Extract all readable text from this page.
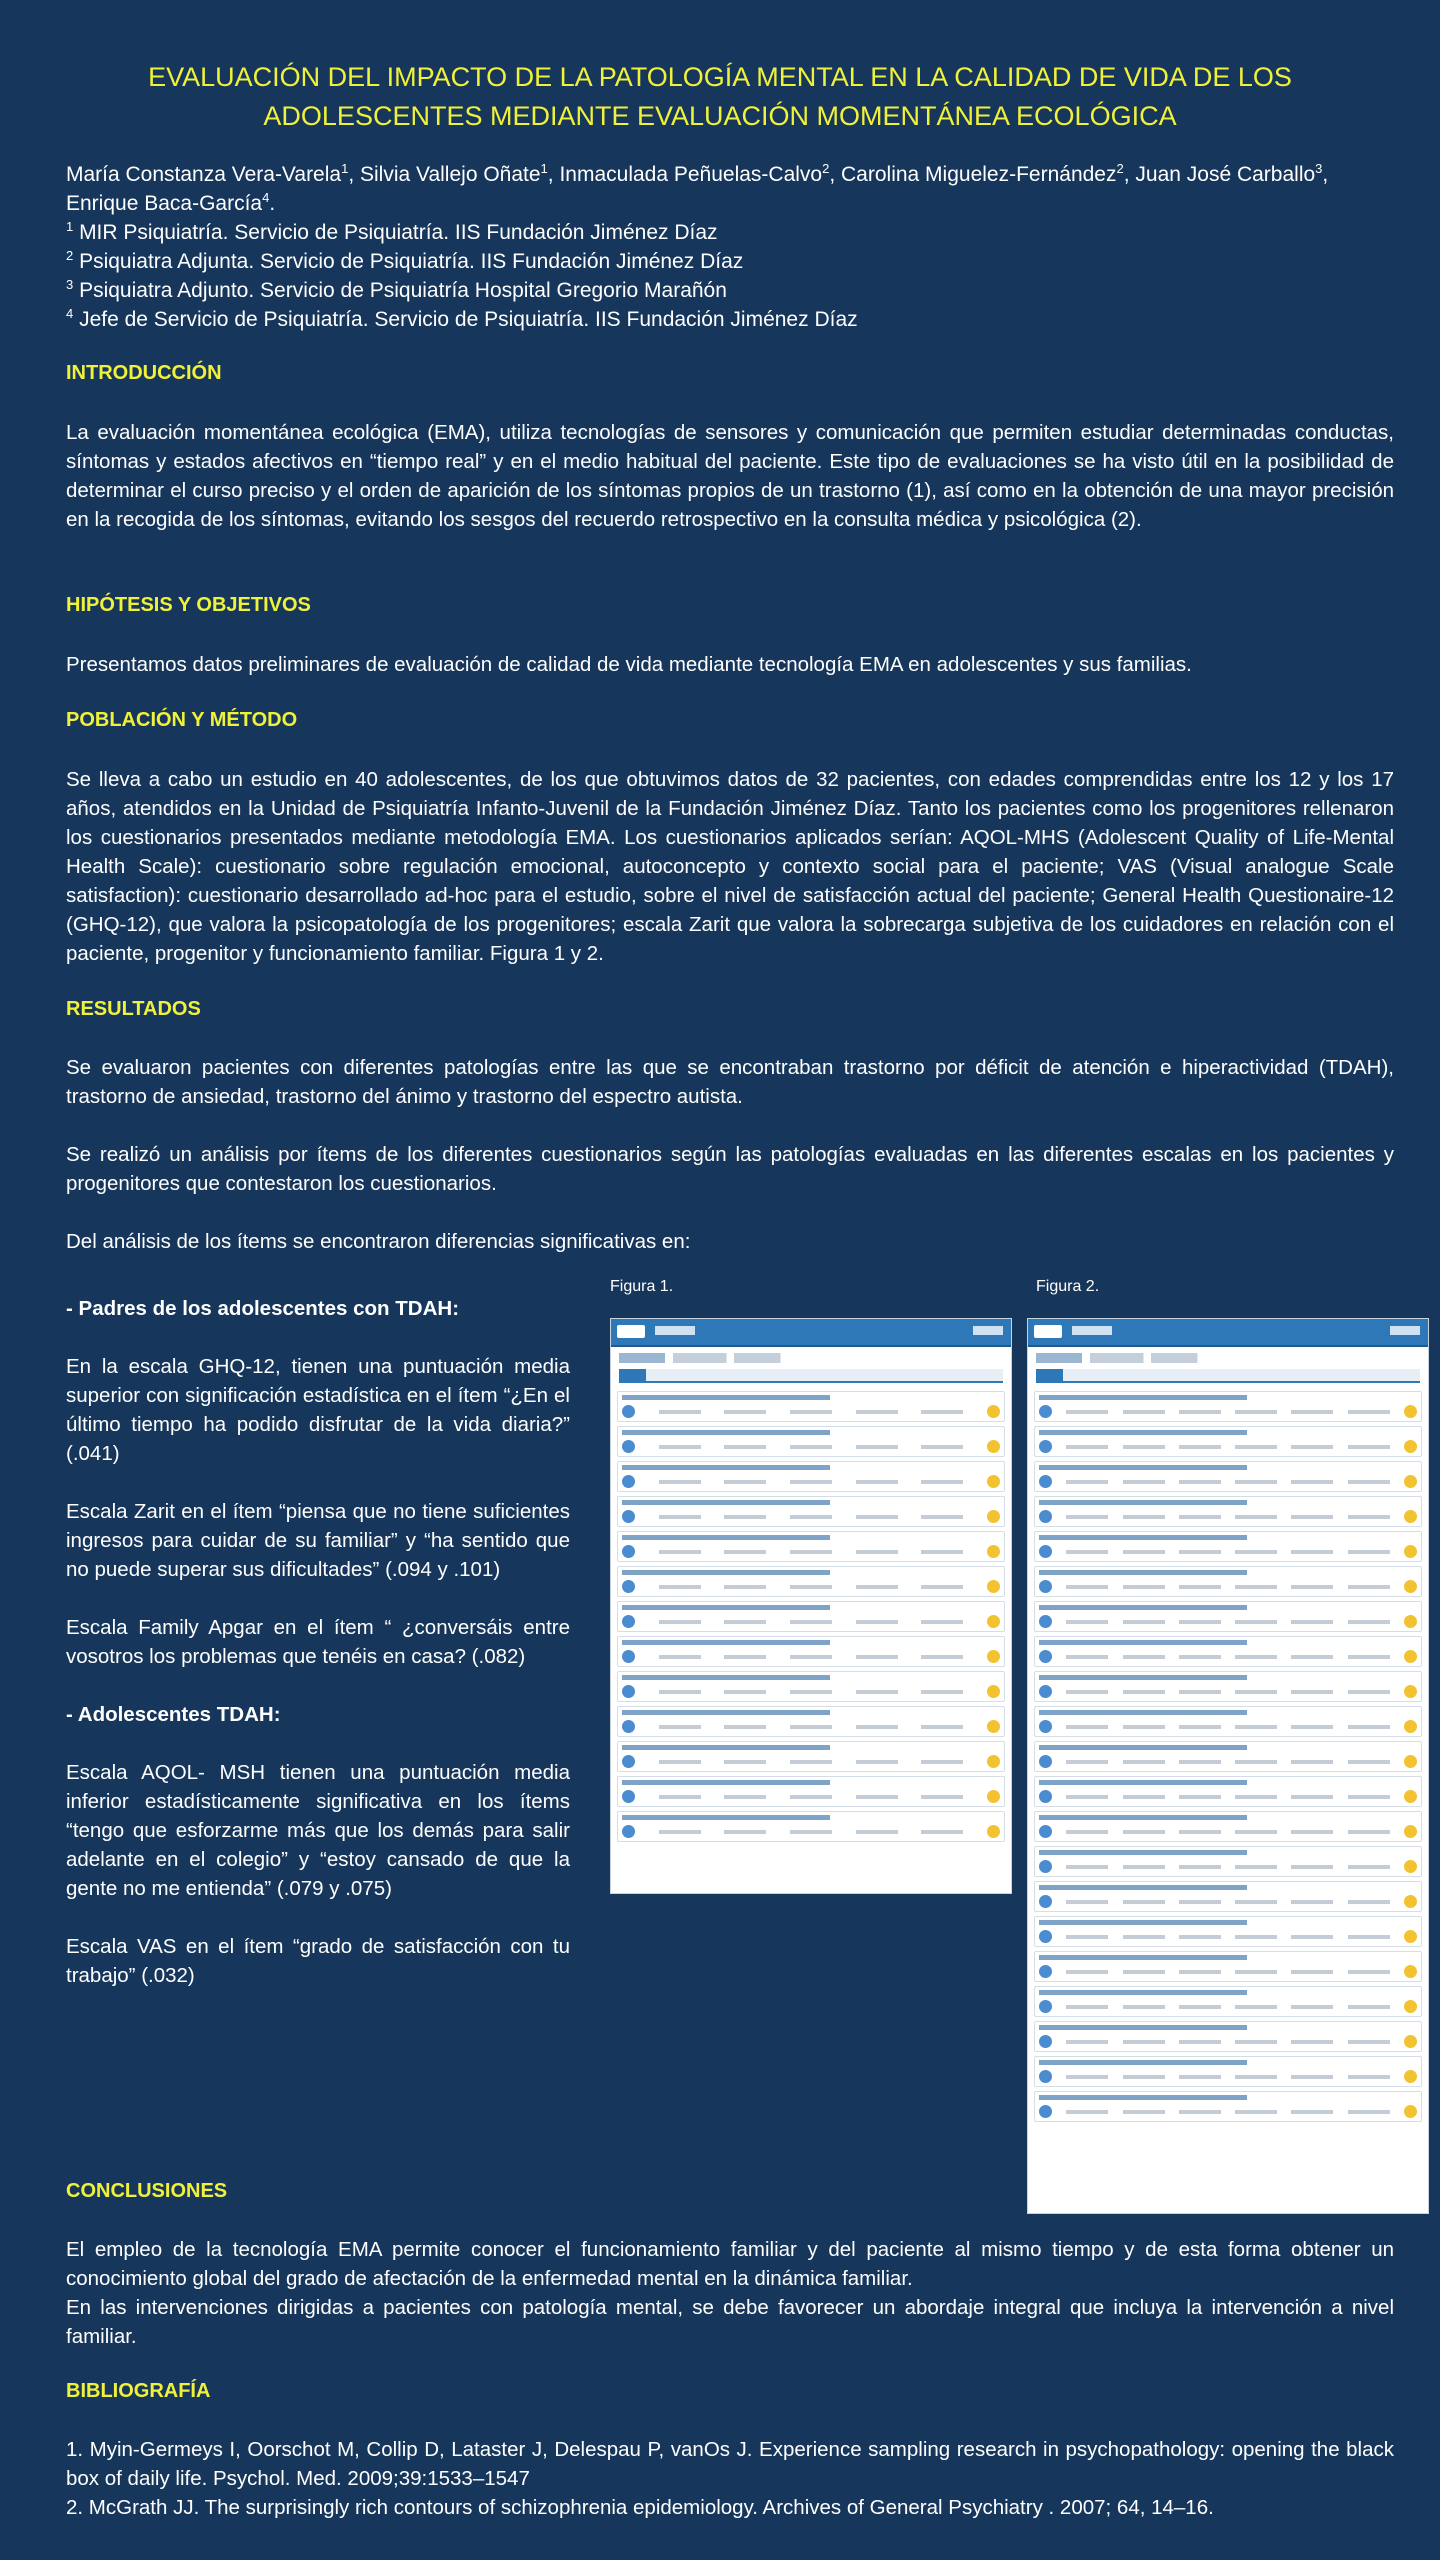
EVALUACIÓN DEL IMPACTO DE LA PATOLOGÍA MENTAL EN LA CALIDAD DE VIDA DE LOS
ADOLESCENTES MEDIANTE EVALUACIÓN MOMENTÁNEA ECOLÓGICA
María Constanza Vera-Varela$^1$, Silvia Vallejo Oñate$^1$, Inmaculada Peñuelas-Calvo$^2$, Carolina Miguelez-Fernández$^2$, Juan José Carballo$^3$,
Enrique Baca-García$^4$.
$^1$ MIR Psiquiatría. Servicio de Psiquiatría. IIS Fundación Jiménez Díaz
$^2$ Psiquiatra Adjunta. Servicio de Psiquiatría. IIS Fundación Jiménez Díaz
$^3$ Psiquiatra Adjunto. Servicio de Psiquiatría Hospital Gregorio Marañón
$^4$ Jefe de Servicio de Psiquiatría. Servicio de Psiquiatría. IIS Fundación Jiménez Díaz
INTRODUCCIÓN
La evaluación momentánea ecológica (EMA), utiliza tecnologías de sensores y comunicación que permiten estudiar determinadas conductas, síntomas y estados afectivos en “tiempo real” y en el medio habitual del paciente. Este tipo de evaluaciones se ha visto útil en la posibilidad de determinar el curso preciso y el orden de aparición de los síntomas propios de un trastorno (1), así como en la obtención de una mayor precisión en la recogida de los síntomas, evitando los sesgos del recuerdo retrospectivo en la consulta médica y psicológica (2).
HIPÓTESIS Y OBJETIVOS
Presentamos datos preliminares de evaluación de calidad de vida mediante tecnología EMA en adolescentes y sus familias.
POBLACIÓN Y MÉTODO
Se lleva a cabo un estudio en 40 adolescentes, de los que obtuvimos datos de 32 pacientes, con edades comprendidas entre los 12 y los 17 años, atendidos en la Unidad de Psiquiatría Infanto-Juvenil de la Fundación Jiménez Díaz. Tanto los pacientes como los progenitores rellenaron los cuestionarios presentados mediante metodología EMA. Los cuestionarios aplicados serían: AQOL-MHS (Adolescent Quality of Life-Mental Health Scale): cuestionario sobre regulación emocional, autoconcepto y contexto social para el paciente; VAS (Visual analogue Scale satisfaction): cuestionario desarrollado ad-hoc para el estudio, sobre el nivel de satisfacción actual del paciente; General Health Questionaire-12 (GHQ-12), que valora la psicopatología de los progenitores; escala Zarit que valora la sobrecarga subjetiva de los cuidadores en relación con el paciente, progenitor y funcionamiento familiar. Figura 1 y 2.
RESULTADOS
Se evaluaron pacientes con diferentes patologías entre las que se encontraban trastorno por déficit de atención e hiperactividad (TDAH), trastorno de ansiedad, trastorno del ánimo y trastorno del espectro autista.
Se realizó un análisis por ítems de los diferentes cuestionarios según las patologías evaluadas en las diferentes escalas en los pacientes y progenitores que contestaron los cuestionarios.
Del análisis de los ítems se encontraron diferencias significativas en:

- Padres de los adolescentes con TDAH:

En la escala GHQ-12, tienen una puntuación media superior con significación estadística en el ítem “¿En el último tiempo ha podido disfrutar de la vida diaria?” (.041)

Escala Zarit en el ítem “piensa que no tiene suficientes ingresos para cuidar de su familiar” y “ha sentido que no puede superar sus dificultades” (.094 y .101)

Escala Family Apgar en el ítem “ ¿conversáis entre vosotros los problemas que tenéis en casa? (.082)

- Adolescentes TDAH:

Escala AQOL- MSH tienen una puntuación media inferior estadísticamente significativa en los ítems “tengo que esforzarme más que los demás para salir adelante en el colegio” y “estoy cansado de que la gente no me entienda” (.079 y .075)

Escala VAS en el ítem “grado de satisfacción con tu trabajo” (.032)

Figura 1.	Figura 2.
CONCLUSIONES
El empleo de la tecnología EMA permite conocer el funcionamiento familiar y del paciente al mismo tiempo y de esta forma obtener un conocimiento global del grado de afectación de la enfermedad mental en la dinámica familiar.
En las intervenciones dirigidas a pacientes con patología mental, se debe favorecer un abordaje integral que incluya la intervención a nivel familiar.
BIBLIOGRAFÍA
1. Myin-Germeys I, Oorschot M, Collip D, Lataster J, Delespau P, vanOs J. Experience sampling research in psychopathology: opening the black box of daily life. Psychol. Med. 2009;39:1533–1547
2. McGrath JJ. The surprisingly rich contours of schizophrenia epidemiology. Archives of General Psychiatry . 2007; 64, 14–16.
